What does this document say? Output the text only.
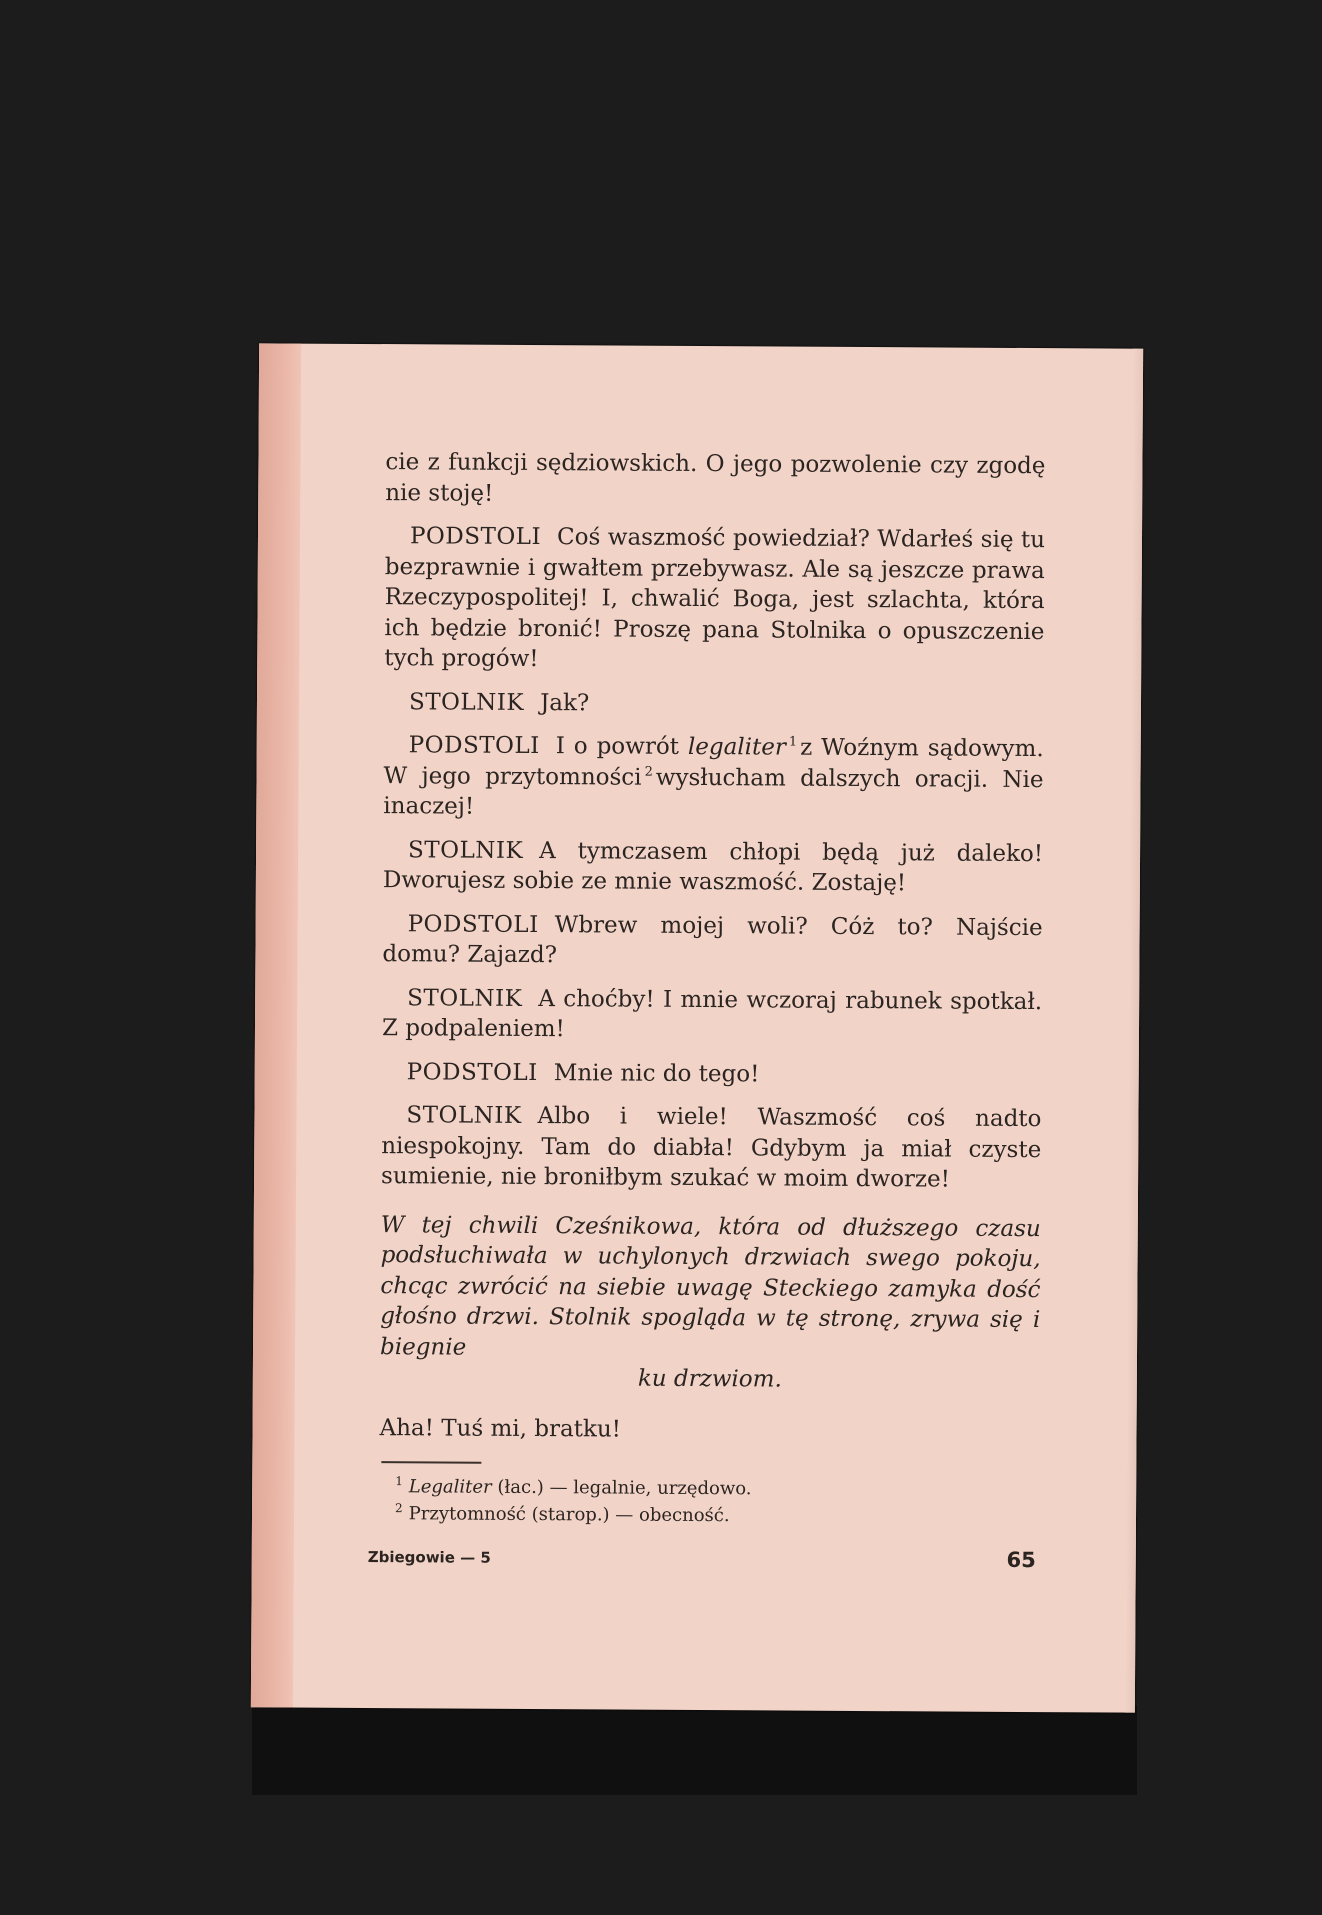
cie z funkcji sędziowskich. O jego pozwolenie czy zgodę nie stoję!

PODSTOLI Coś waszmość powiedział? Wdarłeś się tu bezprawnie i gwałtem przebywasz. Ale są jeszcze prawa Rzeczypospolitej! I, chwalić Boga, jest szlachta, która ich będzie bronić! Proszę pana Stolnika o opuszczenie tych progów!

STOLNIK Jak?

PODSTOLI I o powrót legaliter $^1$ z Woźnym sądowym. W jego przytomności $^2$ wysłucham dalszych oracji. Nie inaczej!

STOLNIK A tymczasem chłopi będą już daleko! Dworujesz sobie ze mnie waszmość. Zostaję!

PODSTOLI Wbrew mojej woli? Cóż to? Najście domu? Zajazd?

STOLNIK A choćby! I mnie wczoraj rabunek spotkał. Z podpaleniem!

PODSTOLI Mnie nic do tego!

STOLNIK Albo i wiele! Waszmość coś nadto niespokojny. Tam do diabła! Gdybym ja miał czyste sumienie, nie broniłbym szukać w moim dworze!

W tej chwili Cześnikowa, która od dłuższego czasu podsłuchiwała w uchylonych drzwiach swego pokoju, chcąc zwrócić na siebie uwagę Steckiego zamyka dość głośno drzwi. Stolnik spogląda w tę stronę, zrywa się i biegnie
ku drzwiom.

Aha! Tuś mi, bratku!

$^1$ Legaliter (łac.) — legalnie, urzędowo.
$^2$ Przytomność (starop.) — obecność.
Zbiegowie — 5	65
